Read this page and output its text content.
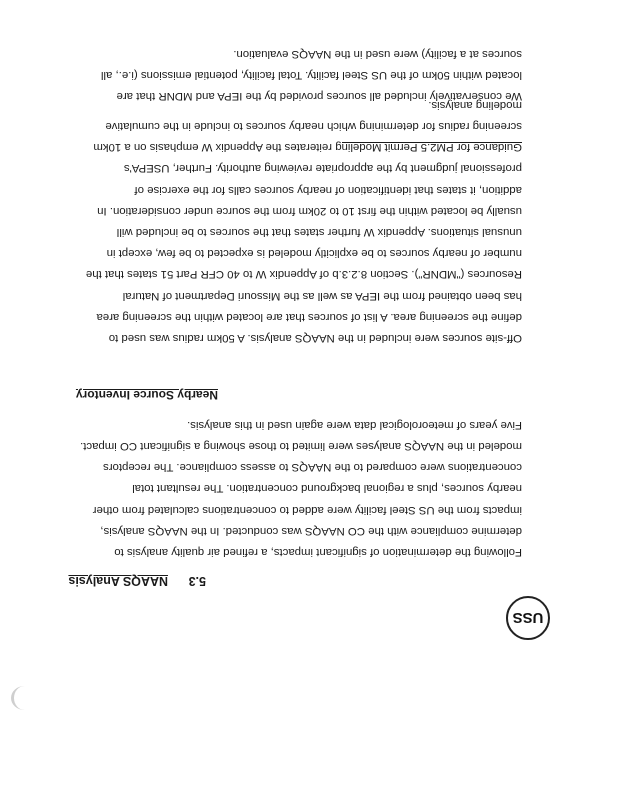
USS
5.3NAAQS Analysis
Following the determination of significant impacts, a refined air quality analysis to
determine compliance with the CO NAAQS was conducted. In the NAAQS analysis,
impacts from the US Steel facility were added to concentrations calculated from other
nearby sources, plus a regional background concentration. The resultant total
concentrations were compared to the NAAQS to assess compliance. The receptors
modeled in the NAAQS analyses were limited to those showing a significant CO impact.
Five years of meteorological data were again used in this analysis.
Nearby Source Inventory
Off-site sources were included in the NAAQS analysis. A 50km radius was used to
define the screening area. A list of sources that are located within the screening area
has been obtained from the IEPA as well as the Missouri Department of Natural
Resources ("MDNR"). Section 8.2.3.b of Appendix W to 40 CFR Part 51 states that the
number of nearby sources to be explicitly modeled is expected to be few, except in
unusual situations. Appendix W further states that the sources to be included will
usually be located within the first 10 to 20km from the source under consideration. In
addition, it states that identification of nearby sources calls for the exercise of
professional judgment by the appropriate reviewing authority. Further, USEPA's
Guidance for PM2.5 Permit Modeling reiterates the Appendix W emphasis on a 10km
screening radius for determining which nearby sources to include in the cumulative
modeling analysis.
We conservatively included all sources provided by the IEPA and MDNR that are
located within 50km of the US Steel facility. Total facility, potential emissions (i.e., all
sources at a facility) were used in the NAAQS evaluation.
